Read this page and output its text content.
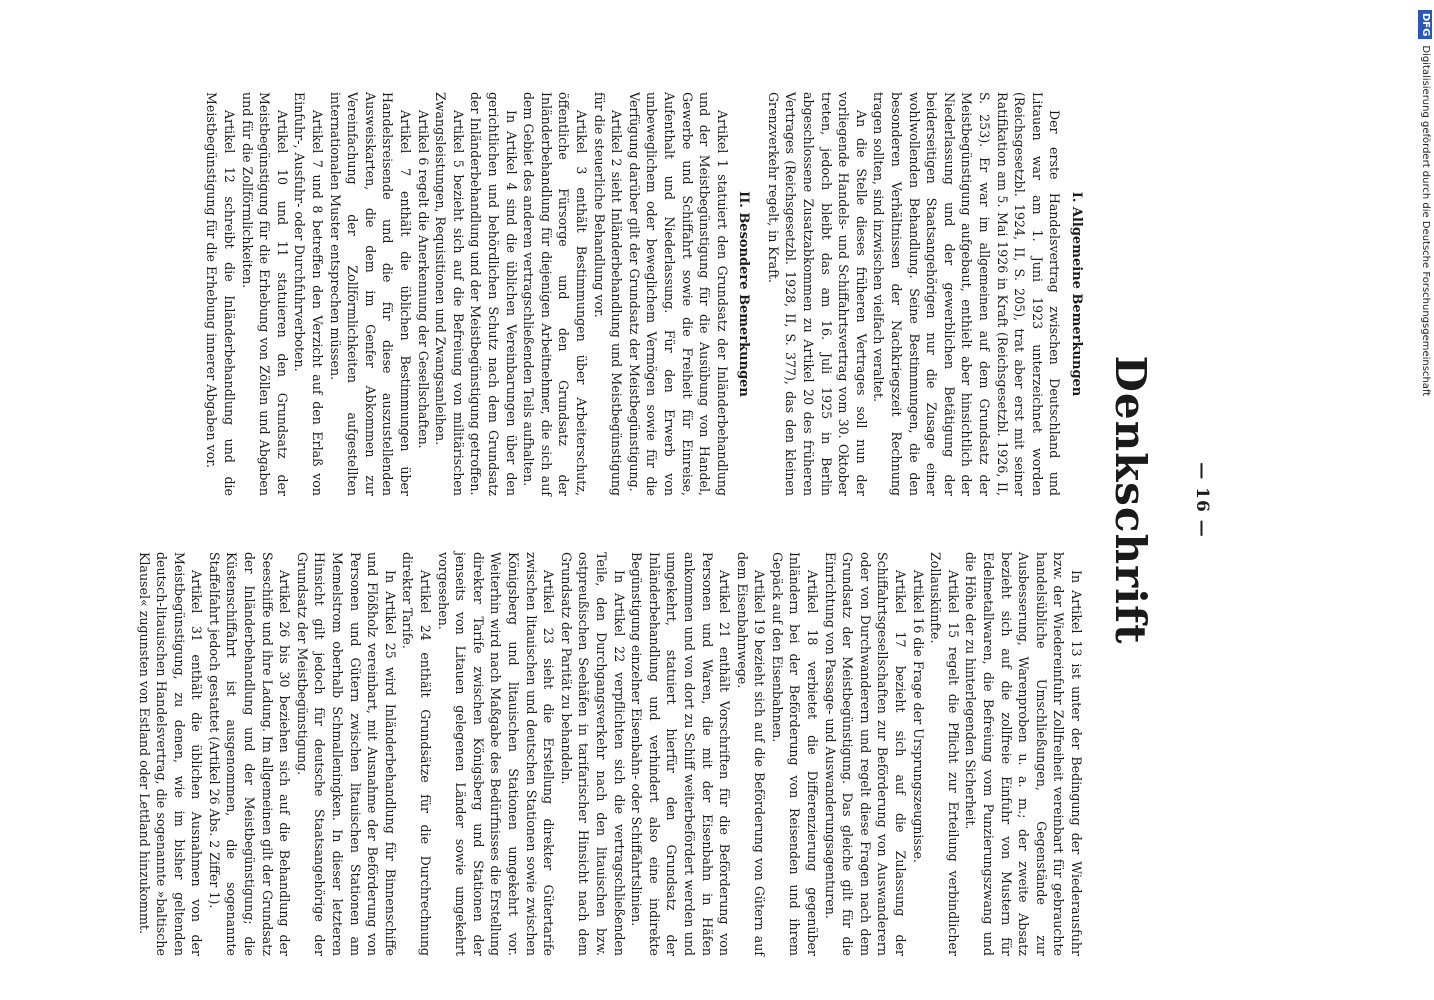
— 16 —
Denkschrift
I. Allgemeine Bemerkungen

Der erste Handelsvertrag zwischen Deutschland und Litauen war am 1. Juni 1923 unterzeichnet worden (Reichsgesetzbl. 1924, II, S. 205), trat aber erst mit seiner Ratifikation am 5. Mai 1926 in Kraft (Reichsgesetzbl. 1926, II, S. 253). Er war im allgemeinen auf dem Grundsatz der Meistbegünstigung aufgebaut, enthielt aber hinsichtlich der Niederlassung und der gewerblichen Betätigung der beiderseitigen Staatsangehörigen nur die Zusage einer wohlwollenden Behandlung. Seine Bestimmungen, die den besonderen Verhältnissen der Nachkriegszeit Rechnung tragen sollten, sind inzwischen vielfach veraltet.

An die Stelle dieses früheren Vertrages soll nun der vorliegende Handels- und Schiffahrtsvertrag vom 30. Oktober treten, jedoch bleibt das am 16. Juli 1925 in Berlin abgeschlossene Zusatzabkommen zu Artikel 20 des früheren Vertrages (Reichsgesetzbl. 1928, II, S. 377), das den kleinen Grenzverkehr regelt, in Kraft.

II. Besondere Bemerkungen

Artikel 1 statuiert den Grundsatz der Inländerbehandlung und der Meistbegünstigung für die Ausübung von Handel, Gewerbe und Schiffahrt sowie die Freiheit für Einreise, Aufenthalt und Niederlassung. Für den Erwerb von unbeweglichem oder beweglichem Vermögen sowie für die Verfügung darüber gilt der Grundsatz der Meistbegünstigung.

Artikel 2 sieht Inländerbehandlung und Meistbegünstigung für die steuerliche Behandlung vor.

Artikel 3 enthält Bestimmungen über Arbeiterschutz, öffentliche Fürsorge und den Grundsatz der Inländerbehandlung für diejenigen Arbeitnehmer, die sich auf dem Gebiet des anderen vertragschließenden Teils aufhalten.

In Artikel 4 sind die üblichen Vereinbarungen über den gerichtlichen und behördlichen Schutz nach dem Grundsatz der Inländerbehandlung und der Meistbegünstigung getroffen.

Artikel 5 bezieht sich auf die Befreiung von militärischen Zwangsleistungen, Requisitionen und Zwangsanleihen.

Artikel 6 regelt die Anerkennung der Gesellschaften.

Artikel 7 enthält die üblichen Bestimmungen über Handelsreisende und die für diese auszustellenden Ausweiskarten, die dem im Genfer Abkommen zur Vereinfachung der Zollförmlichkeiten aufgestellten internationalen Muster entsprechen müssen.

Artikel 7 und 8 betreffen den Verzicht auf den Erlaß von Einfuhr-, Ausfuhr- oder Durchfuhrverboten.

Artikel 10 und 11 statuieren den Grundsatz der Meistbegünstigung für die Erhebung von Zöllen und Abgaben und für die Zollförmlichkeiten.

Artikel 12 schreibt die Inländerbehandlung und die Meistbegünstigung für die Erhebung innerer Abgaben vor.

In Artikel 13 ist unter der Bedingung der Wiederausfuhr bzw. der Wiedereinfuhr Zollfreiheit vereinbart für gebrauchte handelsübliche Umschließungen, Gegenstände zur Ausbesserung, Warenproben u. a. m.; der zweite Absatz bezieht sich auf die zollfreie Einfuhr von Mustern für Edelmetallwaren, die Befreiung vom Punzierungszwang und die Höhe der zu hinterlegenden Sicherheit.

Artikel 15 regelt die Pflicht zur Erteilung verbindlicher Zollauskünfte.

Artikel 16 die Frage der Ursprungszeugnisse.

Artikel 17 bezieht sich auf die Zulassung der Schiffahrtsgesellschaften zur Beförderung von Auswanderern oder von Durchwanderern und regelt diese Fragen nach dem Grundsatz der Meistbegünstigung. Das gleiche gilt für die Einrichtung von Passage- und Auswanderungsagenturen.

Artikel 18 verbietet die Differenzierung gegenüber Inländern bei der Beförderung von Reisenden und ihrem Gepäck auf den Eisenbahnen.

Artikel 19 bezieht sich auf die Beförderung von Gütern auf dem Eisenbahnwege.

Artikel 21 enthält Vorschriften für die Beförderung von Personen und Waren, die mit der Eisenbahn in Häfen ankommen und von dort zu Schiff weiterbefördert werden und umgekehrt, statuiert hierfür den Grundsatz der Inländerbehandlung und verhindert also eine indirekte Begünstigung einzelner Eisenbahn- oder Schiffahrtslinien.

In Artikel 22 verpflichten sich die vertragschließenden Teile, den Durchgangsverkehr nach den litauischen bzw. ostpreußischen Seehäfen in tarifarischer Hinsicht nach dem Grundsatz der Parität zu behandeln.

Artikel 23 sieht die Erstellung direkter Gütertarife zwischen litauischen und deutschen Stationen sowie zwischen Königsberg und litauischen Stationen umgekehrt vor. Weiterhin wird nach Maßgabe des Bedürfnisses die Erstellung direkter Tarife zwischen Königsberg und Stationen der jenseits von Litauen gelegenen Länder sowie umgekehrt vorgesehen.

Artikel 24 enthält Grundsätze für die Durchrechnung direkter Tarife.

In Artikel 25 wird Inländerbehandlung für Binnenschiffe und Flößholz vereinbart, mit Ausnahme der Beförderung von Personen und Gütern zwischen litauischen Stationen am Memelstrom oberhalb Schmalleningken. In dieser letzteren Hinsicht gilt jedoch für deutsche Staatsangehörige der Grundsatz der Meistbegünstigung.

Artikel 26 bis 30 beziehen sich auf die Behandlung der Seeschiffe und ihre Ladung. Im allgemeinen gilt der Grundsatz der Inländerbehandlung und der Meistbegünstigung; die Küstenschiffahrt ist ausgenommen, die sogenannte Staffelfahrt jedoch gestattet (Artikel 26 Abs. 2 Ziffer 1).

Artikel 31 enthält die üblichen Ausnahmen von der Meistbegünstigung, zu denen, wie im bisher geltenden deutsch-litauischen Handelsvertrag, die sogenannte »baltische Klausel« zugunsten von Estland oder Lettland hinzukommt.

DFGDigitalisierung gefördert durch die Deutsche Forschungsgemeinschaft
